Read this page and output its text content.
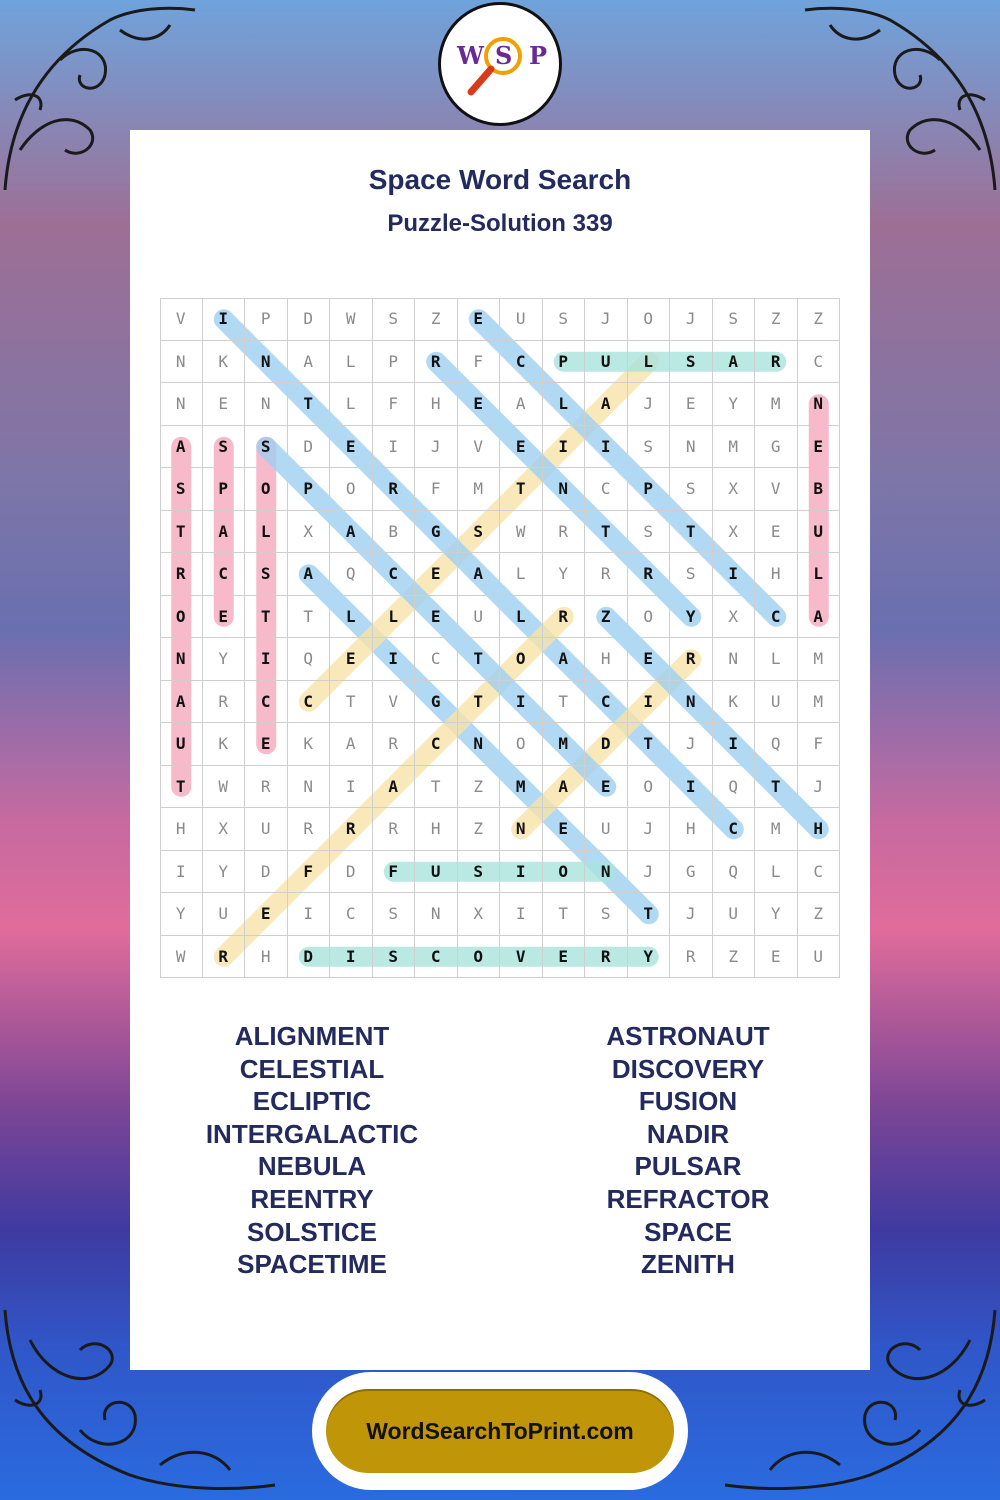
W S P
Space Word Search
Puzzle-Solution 339
V	I	P	D	W	S	Z	E	U	S	J	O	J	S	Z	Z
N	K	N	A	L	P	R	F	C	P	U	L	S	A	R	C
N	E	N	T	L	F	H	E	A	L	A	J	E	Y	M	N
A	S	S	D	E	I	J	V	E	I	I	S	N	M	G	E
S	P	O	P	O	R	F	M	T	N	C	P	S	X	V	B
T	A	L	X	A	B	G	S	W	R	T	S	T	X	E	U
R	C	S	A	Q	C	E	A	L	Y	R	R	S	I	H	L
O	E	T	T	L	L	E	U	L	R	Z	O	Y	X	C	A
N	Y	I	Q	E	I	C	T	O	A	H	E	R	N	L	M
A	R	C	C	T	V	G	T	I	T	C	I	N	K	U	M
U	K	E	K	A	R	C	N	O	M	D	T	J	I	Q	F
T	W	R	N	I	A	T	Z	M	A	E	O	I	Q	T	J
H	X	U	R	R	R	H	Z	N	E	U	J	H	C	M	H
I	Y	D	F	D	F	U	S	I	O	N	J	G	Q	L	C
Y	U	E	I	C	S	N	X	I	T	S	T	J	U	Y	Z
W	R	H	D	I	S	C	O	V	E	R	Y	R	Z	E	U
ALIGNMENT
CELESTIAL
ECLIPTIC
INTERGALACTIC
NEBULA
REENTRY
SOLSTICE
SPACETIME
ASTRONAUT
DISCOVERY
FUSION
NADIR
PULSAR
REFRACTOR
SPACE
ZENITH
WordSearchToPrint.com
